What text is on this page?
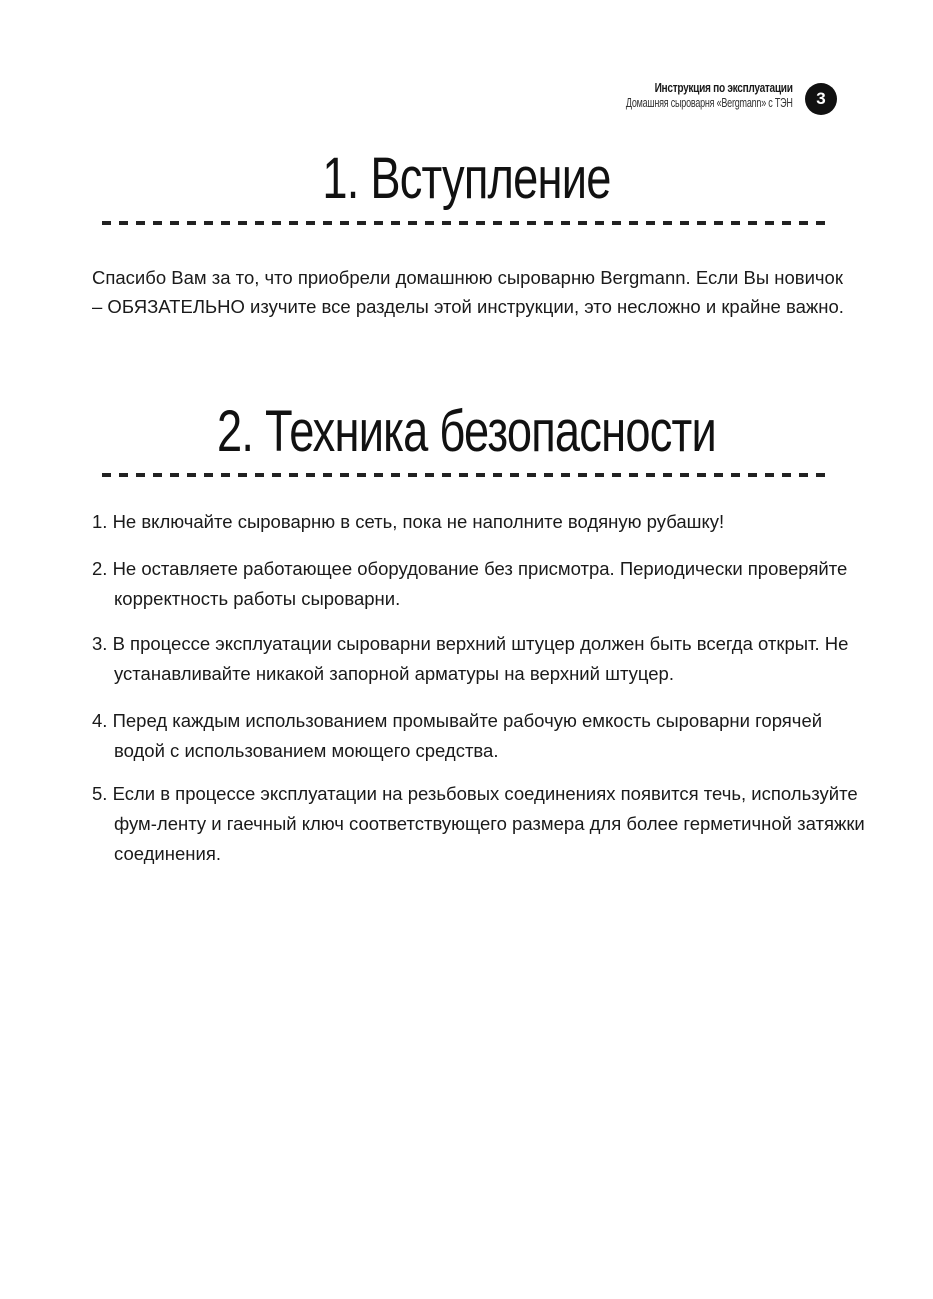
Инструкция по эксплуатации
Домашняя сыроварня «Bergmann» с ТЭН	3
1. Вступление

Спасибо Вам за то, что приобрели домашнюю сыроварню Bergmann. Если Вы новичок – ОБЯЗАТЕЛЬНО изучите все разделы этой инструкции, это несложно и крайне важно.

2. Техника безопасности
1. Не включайте сыроварню в сеть, пока не наполните водяную рубашку!
2. Не оставляете работающее оборудование без присмотра. Периодически проверяйте корректность работы сыроварни.
3. В процессе эксплуатации сыроварни верхний штуцер должен быть всегда открыт. Не устанавливайте никакой запорной арматуры на верхний штуцер.
4. Перед каждым использованием промывайте рабочую емкость сыроварни горячей водой с использованием моющего средства.
5. Если в процессе эксплуатации на резьбовых соединениях появится течь, используйте фум-ленту и гаечный ключ соответствующего размера для более герметичной затяжки соединения.
